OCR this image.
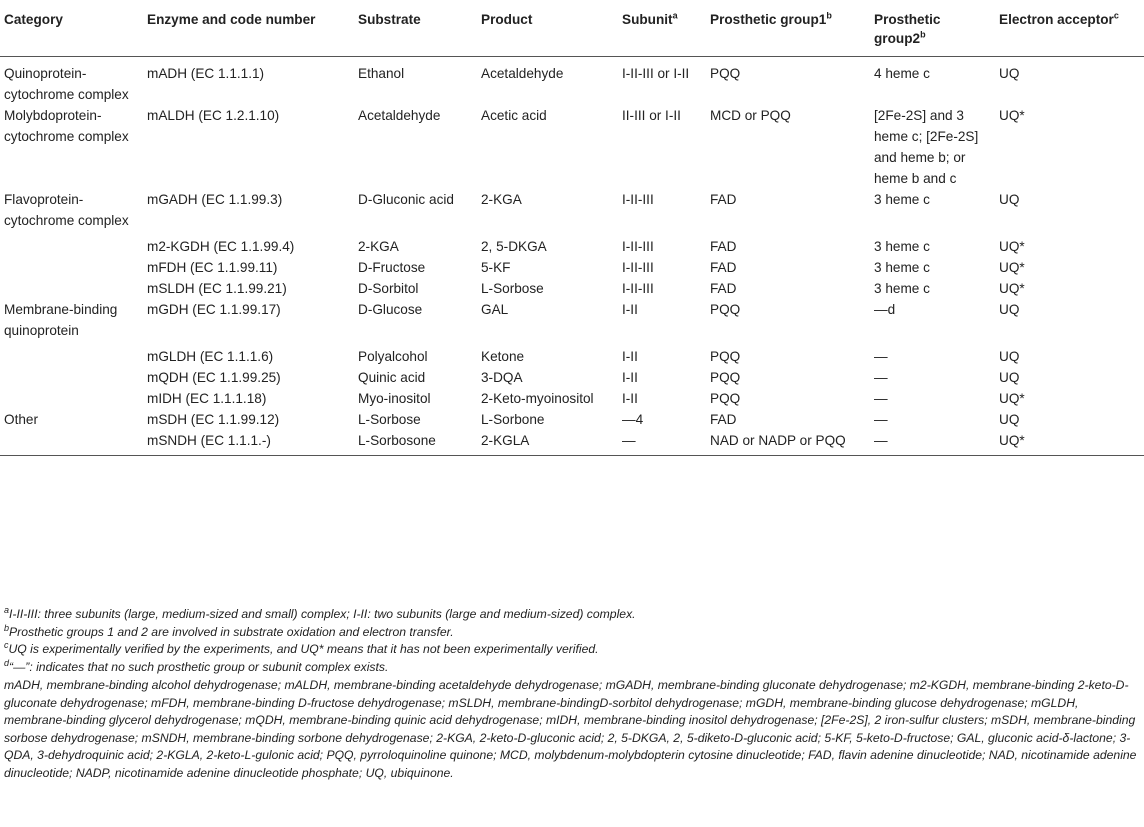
Category	Enzyme and code number	Substrate	Product	Subunit$^a$	Prosthetic group1$^b$	Prosthetic group2$^b$	Electron acceptor$^c$
Quinoprotein-cytochrome complex	mADH (EC 1.1.1.1)	Ethanol	Acetaldehyde	I-II-III or I-II	PQQ	4 heme c	UQ
Molybdoprotein-cytochrome complex	mALDH (EC 1.2.1.10)	Acetaldehyde	Acetic acid	II-III or I-II	MCD or PQQ	[2Fe-2S] and 3 heme c; [2Fe-2S] and heme b; or heme b and c	UQ*
Flavoprotein-cytochrome complex	mGADH (EC 1.1.99.3)	D-Gluconic acid	2-KGA	I-II-III	FAD	3 heme c	UQ
	m2-KGDH (EC 1.1.99.4)	2-KGA	2, 5-DKGA	I-II-III	FAD	3 heme c	UQ*
	mFDH (EC 1.1.99.11)	D-Fructose	5-KF	I-II-III	FAD	3 heme c	UQ*
	mSLDH (EC 1.1.99.21)	D-Sorbitol	L-Sorbose	I-II-III	FAD	3 heme c	UQ*
Membrane-binding quinoprotein	mGDH (EC 1.1.99.17)	D-Glucose	GAL	I-II	PQQ	—d	UQ
	mGLDH (EC 1.1.1.6)	Polyalcohol	Ketone	I-II	PQQ	—	UQ
	mQDH (EC 1.1.99.25)	Quinic acid	3-DQA	I-II	PQQ	—	UQ
	mIDH (EC 1.1.1.18)	Myo-inositol	2-Keto-myoinositol	I-II	PQQ	—	UQ*
Other	mSDH (EC 1.1.99.12)	L-Sorbose	L-Sorbone	—4	FAD	—	UQ
	mSNDH (EC 1.1.1.-)	L-Sorbosone	2-KGLA	—	NAD or NADP or PQQ	—	UQ*

$^a$I-II-III: three subunits (large, medium-sized and small) complex; I-II: two subunits (large and medium-sized) complex.

$^b$Prosthetic groups 1 and 2 are involved in substrate oxidation and electron transfer.

$^c$UQ is experimentally verified by the experiments, and UQ* means that it has not been experimentally verified.

$^d$“—”: indicates that no such prosthetic group or subunit complex exists.

mADH, membrane-binding alcohol dehydrogenase; mALDH, membrane-binding acetaldehyde dehydrogenase; mGADH, membrane-binding gluconate dehydrogenase; m2-KGDH, membrane-binding 2-keto-D-gluconate dehydrogenase; mFDH, membrane-binding D-fructose dehydrogenase; mSLDH, membrane-bindingD-sorbitol dehydrogenase; mGDH, membrane-binding glucose dehydrogenase; mGLDH, membrane-binding glycerol dehydrogenase; mQDH, membrane-binding quinic acid dehydrogenase; mIDH, membrane-binding inositol dehydrogenase; [2Fe-2S], 2 iron-sulfur clusters; mSDH, membrane-binding sorbose dehydrogenase; mSNDH, membrane-binding sorbone dehydrogenase; 2-KGA, 2-keto-D-gluconic acid; 2, 5-DKGA, 2, 5-diketo-D-gluconic acid; 5-KF, 5-keto-D-fructose; GAL, gluconic acid-δ-lactone; 3-QDA, 3-dehydroquinic acid; 2-KGLA, 2-keto-L-gulonic acid; PQQ, pyrroloquinoline quinone; MCD, molybdenum-molybdopterin cytosine dinucleotide; FAD, flavin adenine dinucleotide; NAD, nicotinamide adenine dinucleotide; NADP, nicotinamide adenine dinucleotide phosphate; UQ, ubiquinone.
